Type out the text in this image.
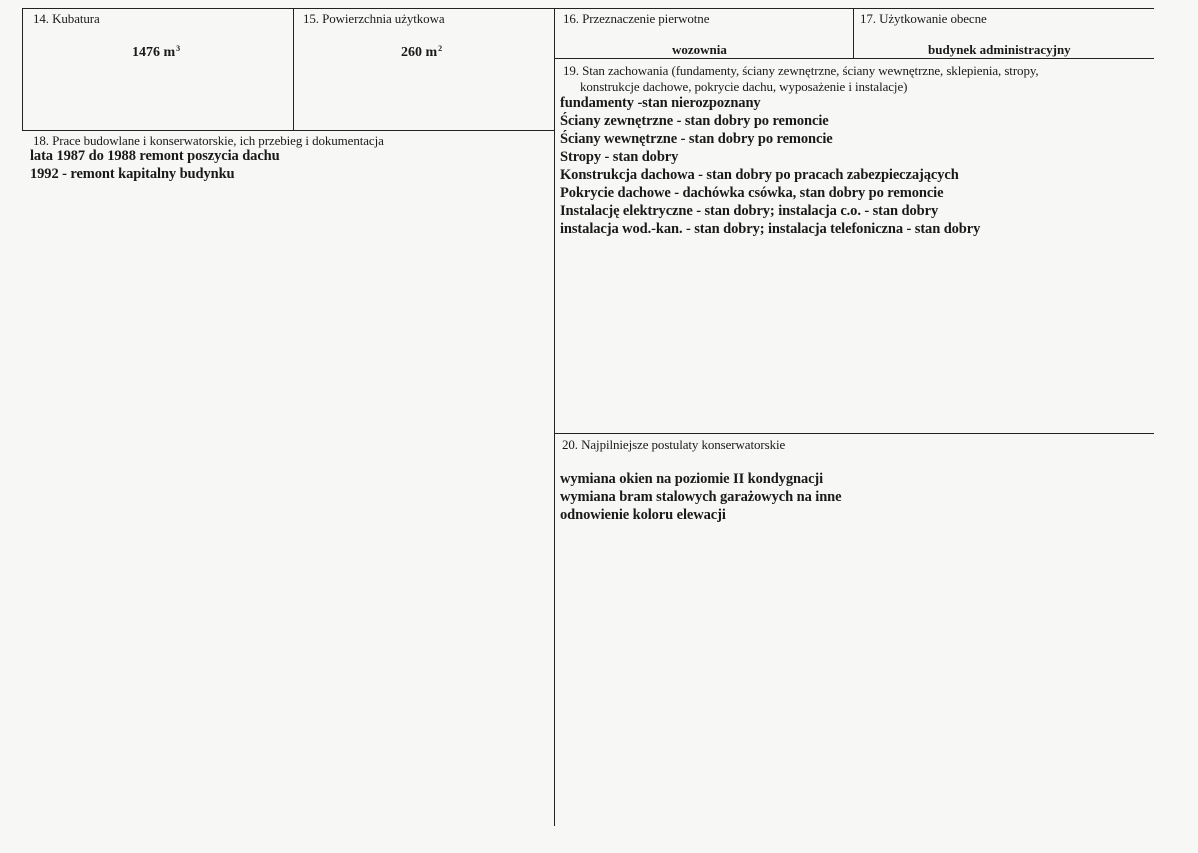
14. Kubatura
1476 $m^3$
15. Powierzchnia użytkowa
260 $m^2$
16. Przeznaczenie pierwotne
wozownia
17. Użytkowanie obecne
budynek administracyjny
18. Prace budowlane i konserwatorskie, ich przebieg i dokumentacja
lata 1987 do 1988 remont poszycia dachu
1992 - remont kapitalny budynku
19. Stan zachowania (fundamenty, ściany zewnętrzne, ściany wewnętrzne, sklepienia, stropy,
konstrukcje dachowe, pokrycie dachu, wyposażenie i instalacje)
fundamenty -stan nierozpoznany
Ściany zewnętrzne - stan dobry po remoncie
Ściany wewnętrzne - stan dobry po remoncie
Stropy - stan dobry
Konstrukcja dachowa - stan dobry po pracach zabezpieczających
Pokrycie dachowe - dachówka csówka, stan dobry po remoncie
Instalację elektryczne - stan dobry; instalacja c.o. - stan dobry
instalacja wod.-kan. - stan dobry; instalacja telefoniczna - stan dobry
20. Najpilniejsze postulaty konserwatorskie
wymiana okien na poziomie II kondygnacji
wymiana bram stalowych garażowych na inne
odnowienie koloru elewacji
